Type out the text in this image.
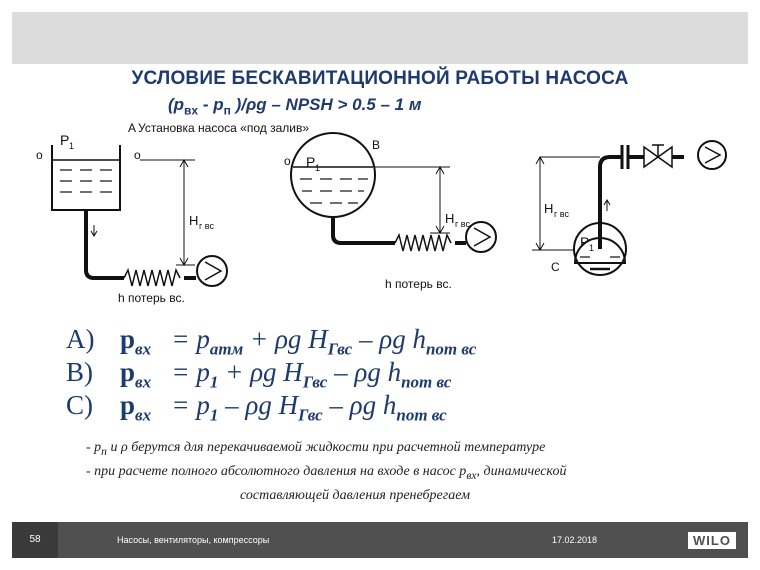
УСЛОВИЕ БЕСКАВИТАЦИОННОЙ РАБОТЫ НАСОСА
($p_{вх} - p_п$ )/ρg – NPSH > 0.5 – 1 м
Установка насоса «под залив»
A
P 1
o	o
H г вс
h потерь вс.
P 1
B
o
H г вс
h потерь вс.
H г вс
P 1
C
A) $p_{вх} = p_{атм} + \rho g$ $H_{Гвс}$ – ρg $h_{пот вс}$
B) $p_{вх} = p_1 + \rho g$ $H_{Гвс}$ – ρg $h_{пот вс}$
C) $p_{вх} = p_1 - \rho g$ $H_{Гвс}$ – ρg $h_{пот вс}$
- $p_п$ и ρ берутся для перекачиваемой жидкости при расчетной температуре
- при расчете полного абсолютного давления на входе в насос $p_{вх}$, динамической
составляющей давления пренебрегаем
58	Насосы, вентиляторы, компрессоры	17.02.2018	WILO
